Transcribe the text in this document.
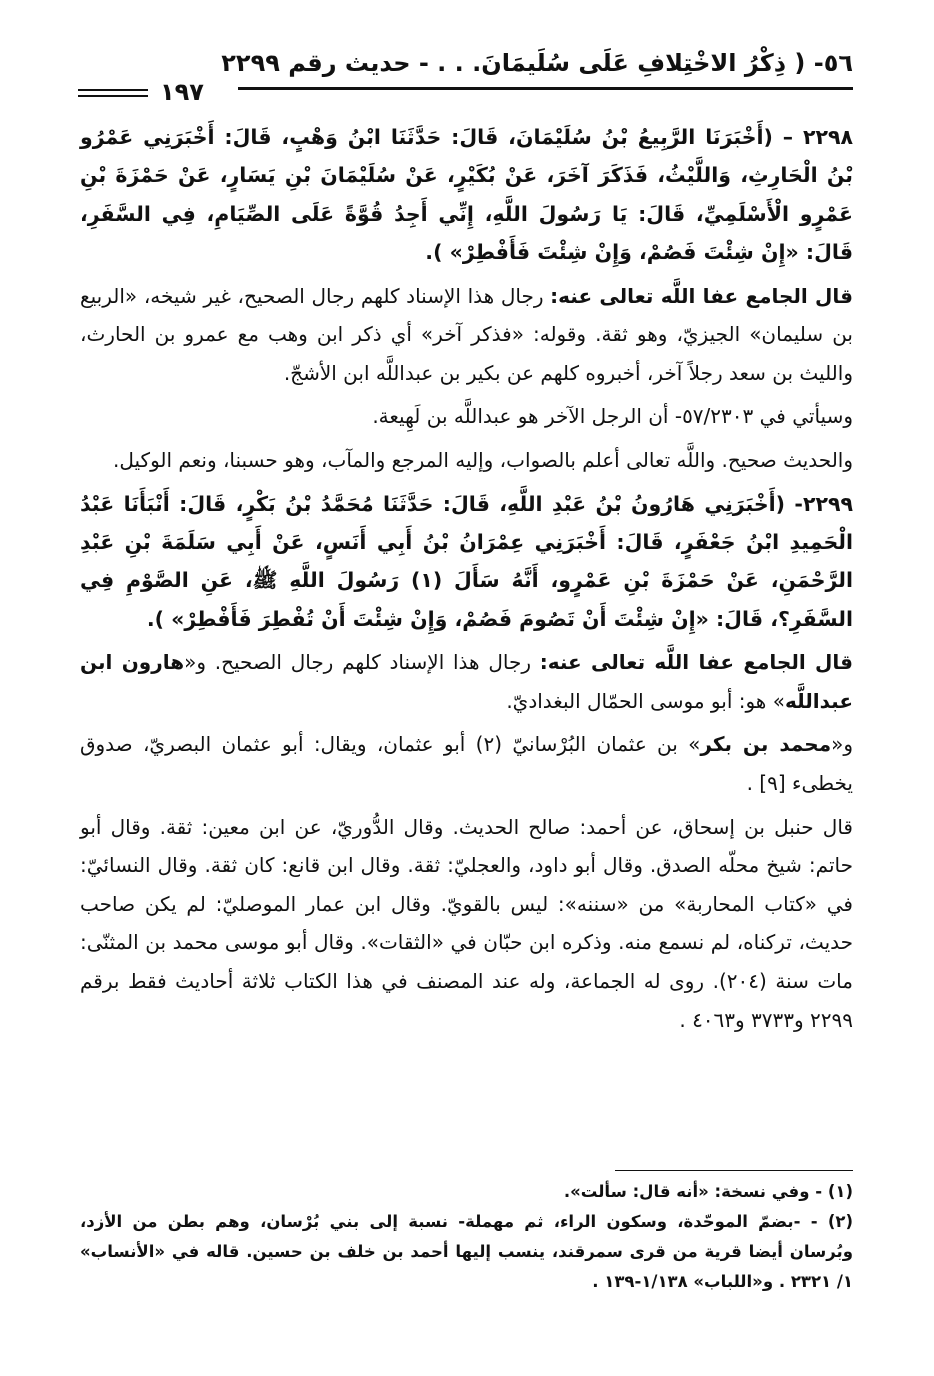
٥٦- ( ذِكْرُ الاخْتِلافِ عَلَى سُلَيمَانَ. . . - حديث رقم ٢٢٩٩
١٩٧

٢٢٩٨ – (أَخْبَرَنَا الرَّبِيعُ بْنُ سُلَيْمَانَ، قَالَ: حَدَّثَنَا ابْنُ وَهْبٍ، قَالَ: أَخْبَرَنِي عَمْرُو بْنُ الْحَارِثِ، وَاللَّيْثُ، فَذَكَرَ آخَرَ، عَنْ بُكَيْرٍ، عَنْ سُلَيْمَانَ بْنِ يَسَارٍ، عَنْ حَمْزَةَ بْنِ عَمْرٍو الْأَسْلَمِيِّ، قَالَ: يَا رَسُولَ اللَّهِ، إِنِّي أَجِدُ قُوَّةً عَلَى الصِّيَامِ، فِي السَّفَرِ، قَالَ: «إِنْ شِئْتَ فَصُمْ، وَإِنْ شِئْتَ فَأَفْطِرْ» ).

قال الجامع عفا اللَّه تعالى عنه: رجال هذا الإسناد كلهم رجال الصحيح، غير شيخه، «الربيع بن سليمان» الجيزيّ، وهو ثقة. وقوله: «فذكر آخر» أي ذكر ابن وهب مع عمرو بن الحارث، والليث بن سعد رجلاً آخر، أخبروه كلهم عن بكير بن عبداللَّه ابن الأشجّ.

وسيأتي في ٥٧/٢٣٠٣- أن الرجل الآخر هو عبداللَّه بن لَهِيعة.

والحديث صحيح. واللَّه تعالى أعلم بالصواب، وإليه المرجع والمآب، وهو حسبنا، ونعم الوكيل.

٢٢٩٩- (أَخْبَرَنِي هَارُونُ بْنُ عَبْدِ اللَّهِ، قَالَ: حَدَّثَنَا مُحَمَّدُ بْنُ بَكْرٍ، قَالَ: أَنْبَأَنَا عَبْدُ الْحَمِيدِ ابْنُ جَعْفَرٍ، قَالَ: أَخْبَرَنِي عِمْرَانُ بْنُ أَبِي أَنَسٍ، عَنْ أَبِي سَلَمَةَ بْنِ عَبْدِ الرَّحْمَنِ، عَنْ حَمْزَةَ بْنِ عَمْرٍو، أَنَّهُ سَأَلَ (١) رَسُولَ اللَّهِ ﷺ، عَنِ الصَّوْمِ فِي السَّفَرِ؟، قَالَ: «إِنْ شِئْتَ أَنْ تَصُومَ فَصُمْ، وَإِنْ شِئْتَ أَنْ تُفْطِرَ فَأَفْطِرْ» ).

قال الجامع عفا اللَّه تعالى عنه: رجال هذا الإسناد كلهم رجال الصحيح. و«هارون ابن عبداللَّه» هو: أبو موسى الحمّال البغداديّ.

و«محمد بن بكر» بن عثمان البُرْسانيّ (٢) أبو عثمان، ويقال: أبو عثمان البصريّ، صدوق يخطىء [٩] .

قال حنبل بن إسحاق، عن أحمد: صالح الحديث. وقال الدُّوريّ، عن ابن معين: ثقة. وقال أبو حاتم: شيخ محلّه الصدق. وقال أبو داود، والعجليّ: ثقة. وقال ابن قانع: كان ثقة. وقال النسائيّ: في «كتاب المحاربة» من «سننه»: ليس بالقويّ. وقال ابن عمار الموصليّ: لم يكن صاحب حديث، تركناه، لم نسمع منه. وذكره ابن حبّان في «الثقات». وقال أبو موسى محمد بن المثنّى: مات سنة (٢٠٤). روى له الجماعة، وله عند المصنف في هذا الكتاب ثلاثة أحاديث فقط برقم ٢٢٩٩ و٣٧٣٣ و٤٠٦٣ .

(١) - وفي نسخة: «أنه قال: سألت».

(٢) - -بضمّ الموحّدة، وسكون الراء، ثم مهملة- نسبة إلى بني بُرْسان، وهم بطن من الأزد، وبُرسان أيضا قرية من قرى سمرقند، ينسب إليها أحمد بن خلف بن حسين. قاله في «الأنساب» ١/ ٢٣٢١ . و«اللباب» ١/١٣٨-١٣٩ .
